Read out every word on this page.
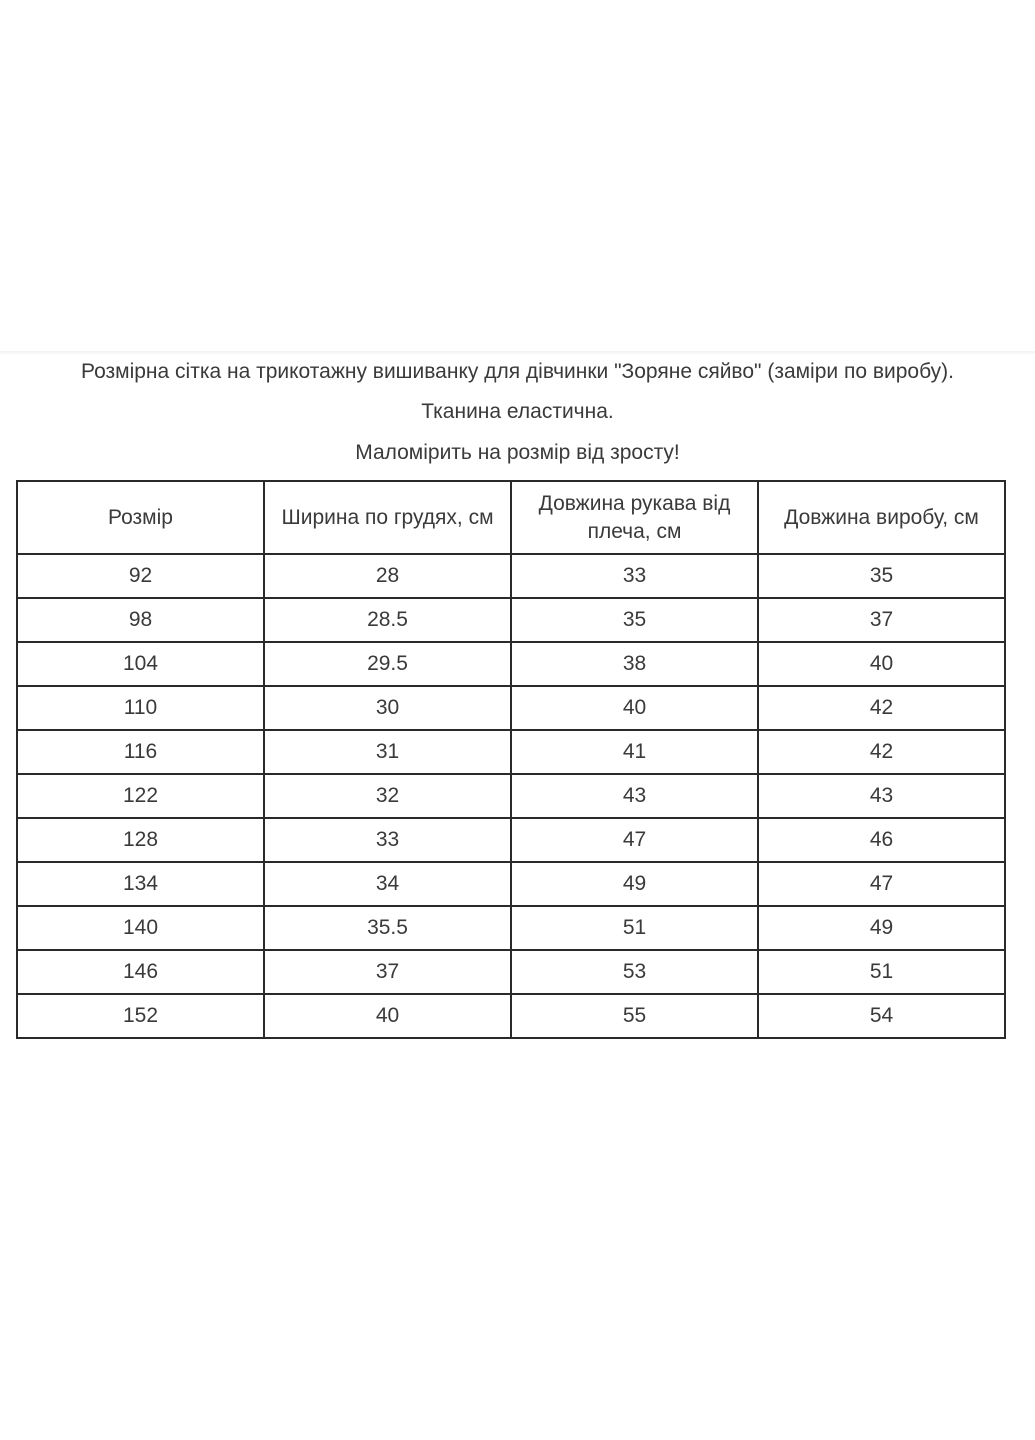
Розмірна сітка на трикотажну вишиванку для дівчинки "Зоряне сяйво" (заміри по виробу).
Тканина еластична.
Маломірить на розмір від зросту!
Розмір	Ширина по грудях, см	Довжина рукава від плеча, см	Довжина виробу, см
92	28	33	35
98	28.5	35	37
104	29.5	38	40
110	30	40	42
116	31	41	42
122	32	43	43
128	33	47	46
134	34	49	47
140	35.5	51	49
146	37	53	51
152	40	55	54
